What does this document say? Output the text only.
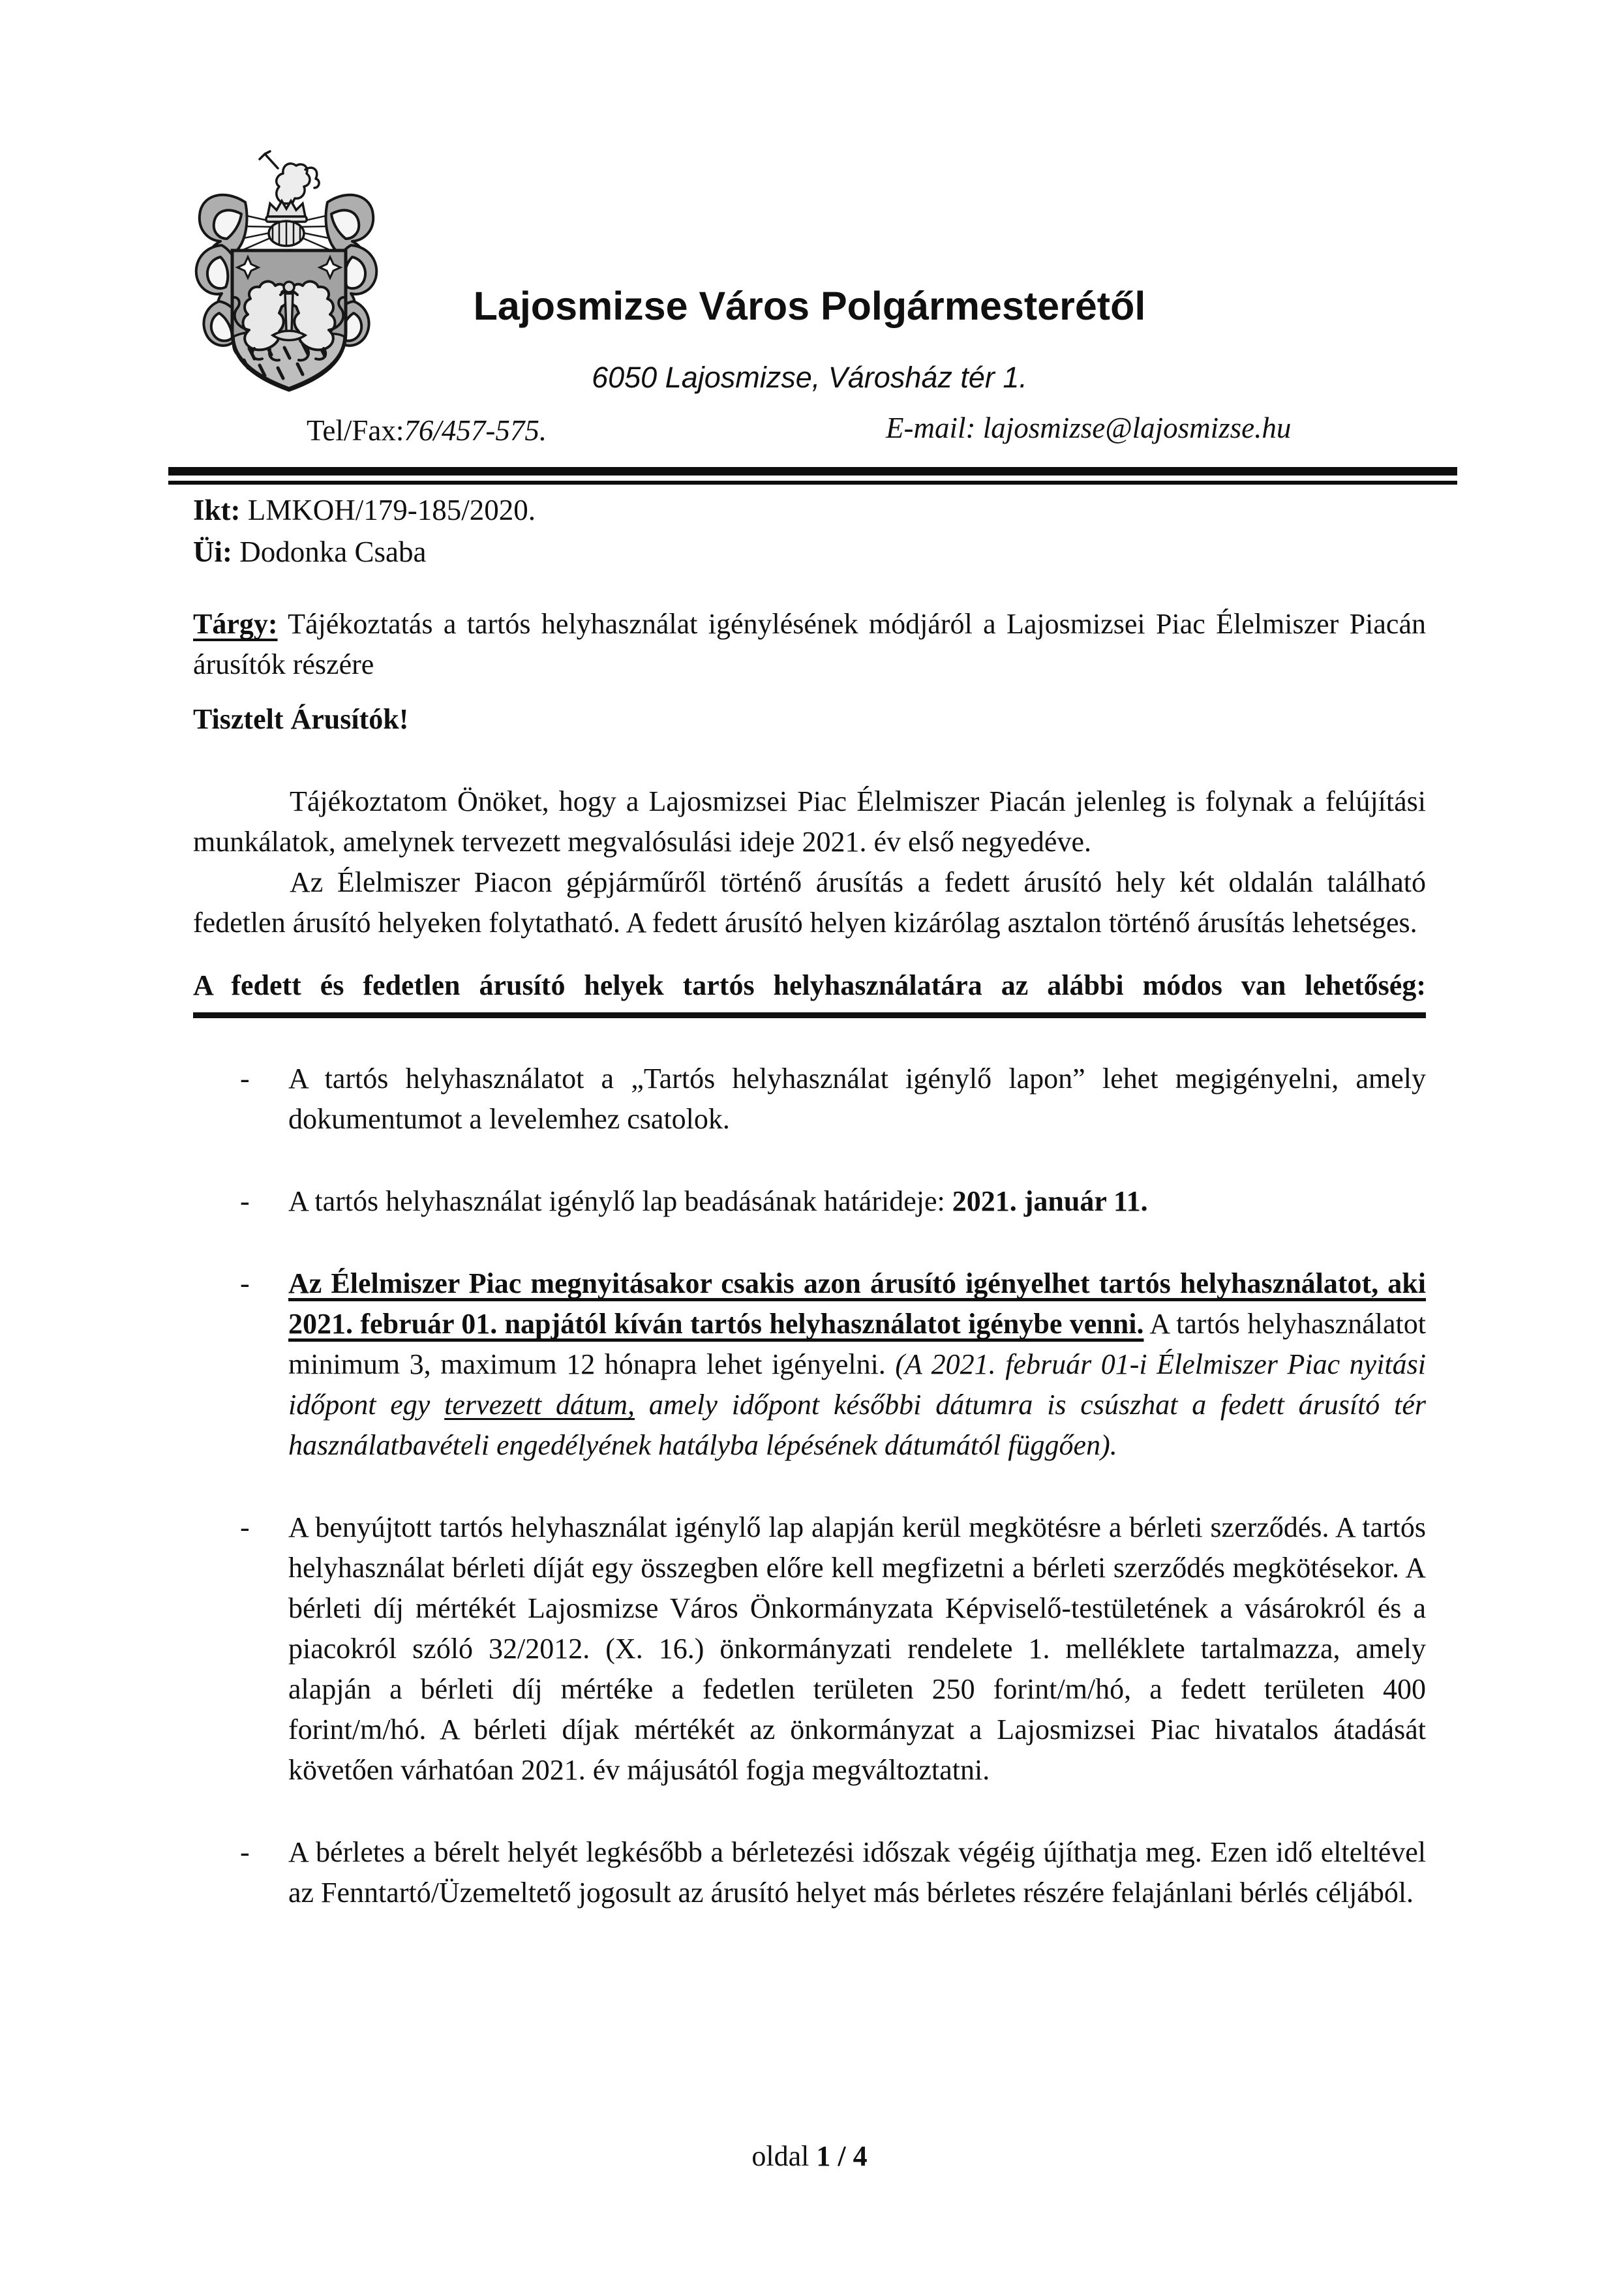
Lajosmizse Város Polgármesterétől
6050 Lajosmizse, Városház tér 1.
Tel/Fax:76/457-575.	E-mail: lajosmizse@lajosmizse.hu
Ikt: LMKOH/179-185/2020.
Üi: Dodonka Csaba

Tárgy: Tájékoztatás a tartós helyhasználat igénylésének módjáról a Lajosmizsei Piac Élelmiszer Piacán árusítók részére

Tisztelt Árusítók!

Tájékoztatom Önöket, hogy a Lajosmizsei Piac Élelmiszer Piacán jelenleg is folynak a felújítási munkálatok, amelynek tervezett megvalósulási ideje 2021. év első negyedéve.

Az Élelmiszer Piacon gépjárműről történő árusítás a fedett árusító hely két oldalán található fedetlen árusító helyeken folytatható. A fedett árusító helyen kizárólag asztalon történő árusítás lehetséges.

A fedett és fedetlen árusító helyek tartós helyhasználatára az alábbi módos van lehetőség:

- A tartós helyhasználatot a „Tartós helyhasználat igénylő lapon” lehet megigényelni, amely dokumentumot a levelemhez csatolok.
- A tartós helyhasználat igénylő lap beadásának határideje: 2021. január 11.
- Az Élelmiszer Piac megnyitásakor csakis azon árusító igényelhet tartós helyhasználatot, aki 2021. február 01. napjától kíván tartós helyhasználatot igénybe venni. A tartós helyhasználatot minimum 3, maximum 12 hónapra lehet igényelni. (A 2021. február 01-i Élelmiszer Piac nyitási időpont egy tervezett dátum, amely időpont későbbi dátumra is csúszhat a fedett árusító tér használatbavételi engedélyének hatályba lépésének dátumától függően).
- A benyújtott tartós helyhasználat igénylő lap alapján kerül megkötésre a bérleti szerződés. A tartós helyhasználat bérleti díját egy összegben előre kell megfizetni a bérleti szerződés megkötésekor. A bérleti díj mértékét Lajosmizse Város Önkormányzata Képviselő-testületének a vásárokról és a piacokról szóló 32/2012. (X. 16.) önkormányzati rendelete 1. melléklete tartalmazza, amely alapján a bérleti díj mértéke a fedetlen területen 250 forint/m/hó, a fedett területen 400 forint/m/hó. A bérleti díjak mértékét az önkormányzat a Lajosmizsei Piac hivatalos átadását követően várhatóan 2021. év májusától fogja megváltoztatni.
- A bérletes a bérelt helyét legkésőbb a bérletezési időszak végéig újíthatja meg. Ezen idő elteltével az Fenntartó/Üzemeltető jogosult az árusító helyet más bérletes részére felajánlani bérlés céljából.
oldal 1 / 4
